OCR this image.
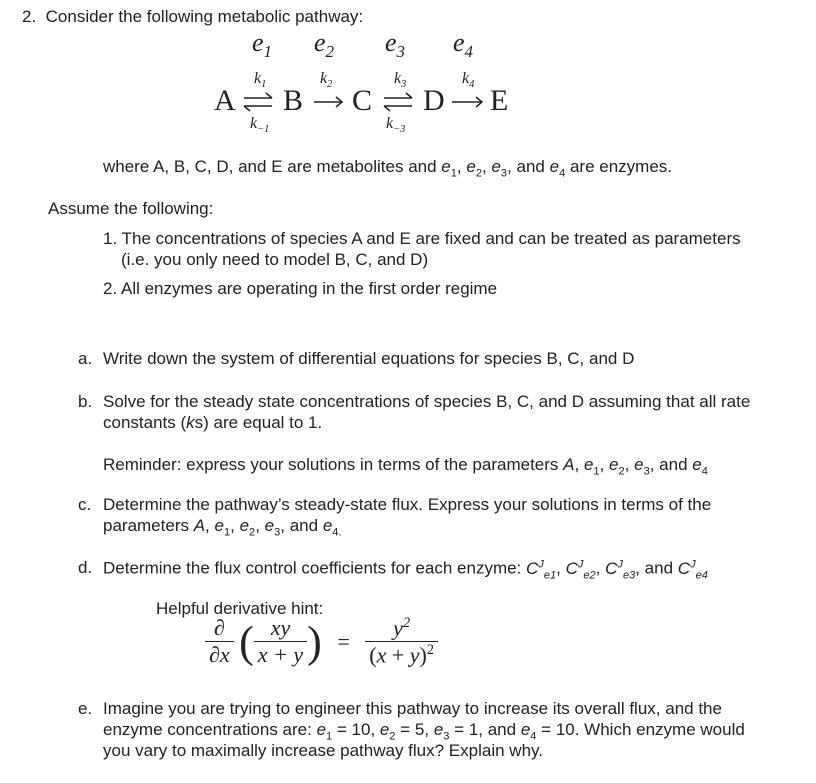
2. Consider the following metabolic pathway:
$e_1$ $e_2$ $e_3$ $e_4$
$k_1$	$k_2$	$k_3$	$k_4$
A B C D E
$k_{-1}$	$k_{-3}$
where A, B, C, D, and E are metabolites and $e_1$, $e_2$, $e_3$, and $e_4$ are enzymes.
Assume the following:
1. The concentrations of species A and E are fixed and can be treated as parameters
(i.e. you only need to model B, C, and D)
2. All enzymes are operating in the first order regime
a. Write down the system of differential equations for species B, C, and D
b. Solve for the steady state concentrations of species B, C, and D assuming that all rate
constants (ks) are equal to 1.
Reminder: express your solutions in terms of the parameters A, $e_1$, $e_2$, $e_3$, and $e_4$
c. Determine the pathway’s steady-state flux. Express your solutions in terms of the
parameters A, $e_1$, $e_2$, $e_3$, and $e_{4.}$
d. Determine the flux control coefficients for each enzyme: $C^J_{e1}$, $C^J_{e2}$, $C^J_{e3}$, and $C^J_{e4}$
Helpful derivative hint:
$\frac{\partial}{\partial x}$ ( $\frac{xy}{x + y}$ ) = $\frac{y^2}{(x + y)^2}$
e. Imagine you are trying to engineer this pathway to increase its overall flux, and the
enzyme concentrations are: $e_1 = 10$, $e_2 = 5$, $e_3 = 1$, and $e_4 = 10$. Which enzyme would
you vary to maximally increase pathway flux? Explain why.
